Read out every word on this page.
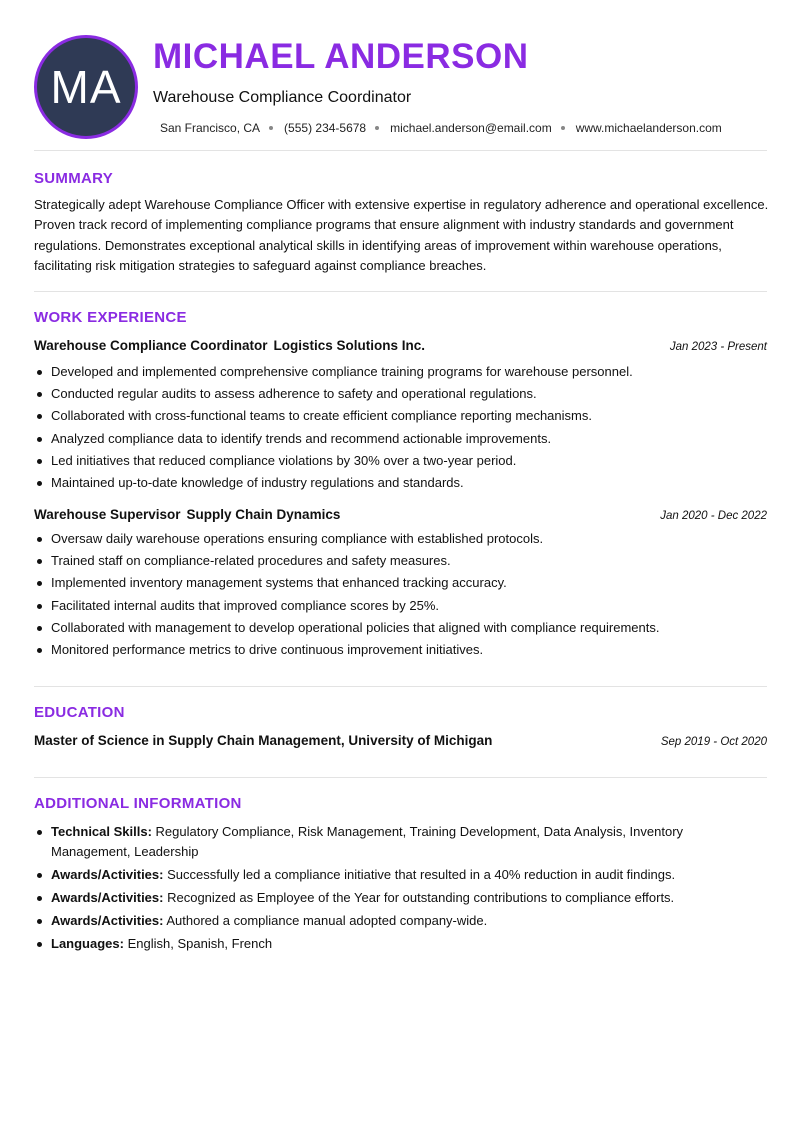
MA
MICHAEL ANDERSON
Warehouse Compliance Coordinator
San Francisco, CA (555) 234-5678 michael.anderson@email.com www.michaelanderson.com
SUMMARY
Strategically adept Warehouse Compliance Officer with extensive expertise in regulatory adherence and operational excellence. Proven track record of implementing compliance programs that ensure alignment with industry standards and government regulations. Demonstrates exceptional analytical skills in identifying areas of improvement within warehouse operations, facilitating risk mitigation strategies to safeguard against compliance breaches.
WORK EXPERIENCE
Warehouse Compliance Coordinator Logistics Solutions Inc.	Jan 2023 - Present
Developed and implemented comprehensive compliance training programs for warehouse personnel.
Conducted regular audits to assess adherence to safety and operational regulations.
Collaborated with cross-functional teams to create efficient compliance reporting mechanisms.
Analyzed compliance data to identify trends and recommend actionable improvements.
Led initiatives that reduced compliance violations by 30% over a two-year period.
Maintained up-to-date knowledge of industry regulations and standards.
Warehouse Supervisor Supply Chain Dynamics	Jan 2020 - Dec 2022
Oversaw daily warehouse operations ensuring compliance with established protocols.
Trained staff on compliance-related procedures and safety measures.
Implemented inventory management systems that enhanced tracking accuracy.
Facilitated internal audits that improved compliance scores by 25%.
Collaborated with management to develop operational policies that aligned with compliance requirements.
Monitored performance metrics to drive continuous improvement initiatives.
EDUCATION
Master of Science in Supply Chain Management, University of Michigan	Sep 2019 - Oct 2020
ADDITIONAL INFORMATION
Technical Skills: Regulatory Compliance, Risk Management, Training Development, Data Analysis, Inventory Management, Leadership
Awards/Activities: Successfully led a compliance initiative that resulted in a 40% reduction in audit findings.
Awards/Activities: Recognized as Employee of the Year for outstanding contributions to compliance efforts.
Awards/Activities: Authored a compliance manual adopted company-wide.
Languages: English, Spanish, French
